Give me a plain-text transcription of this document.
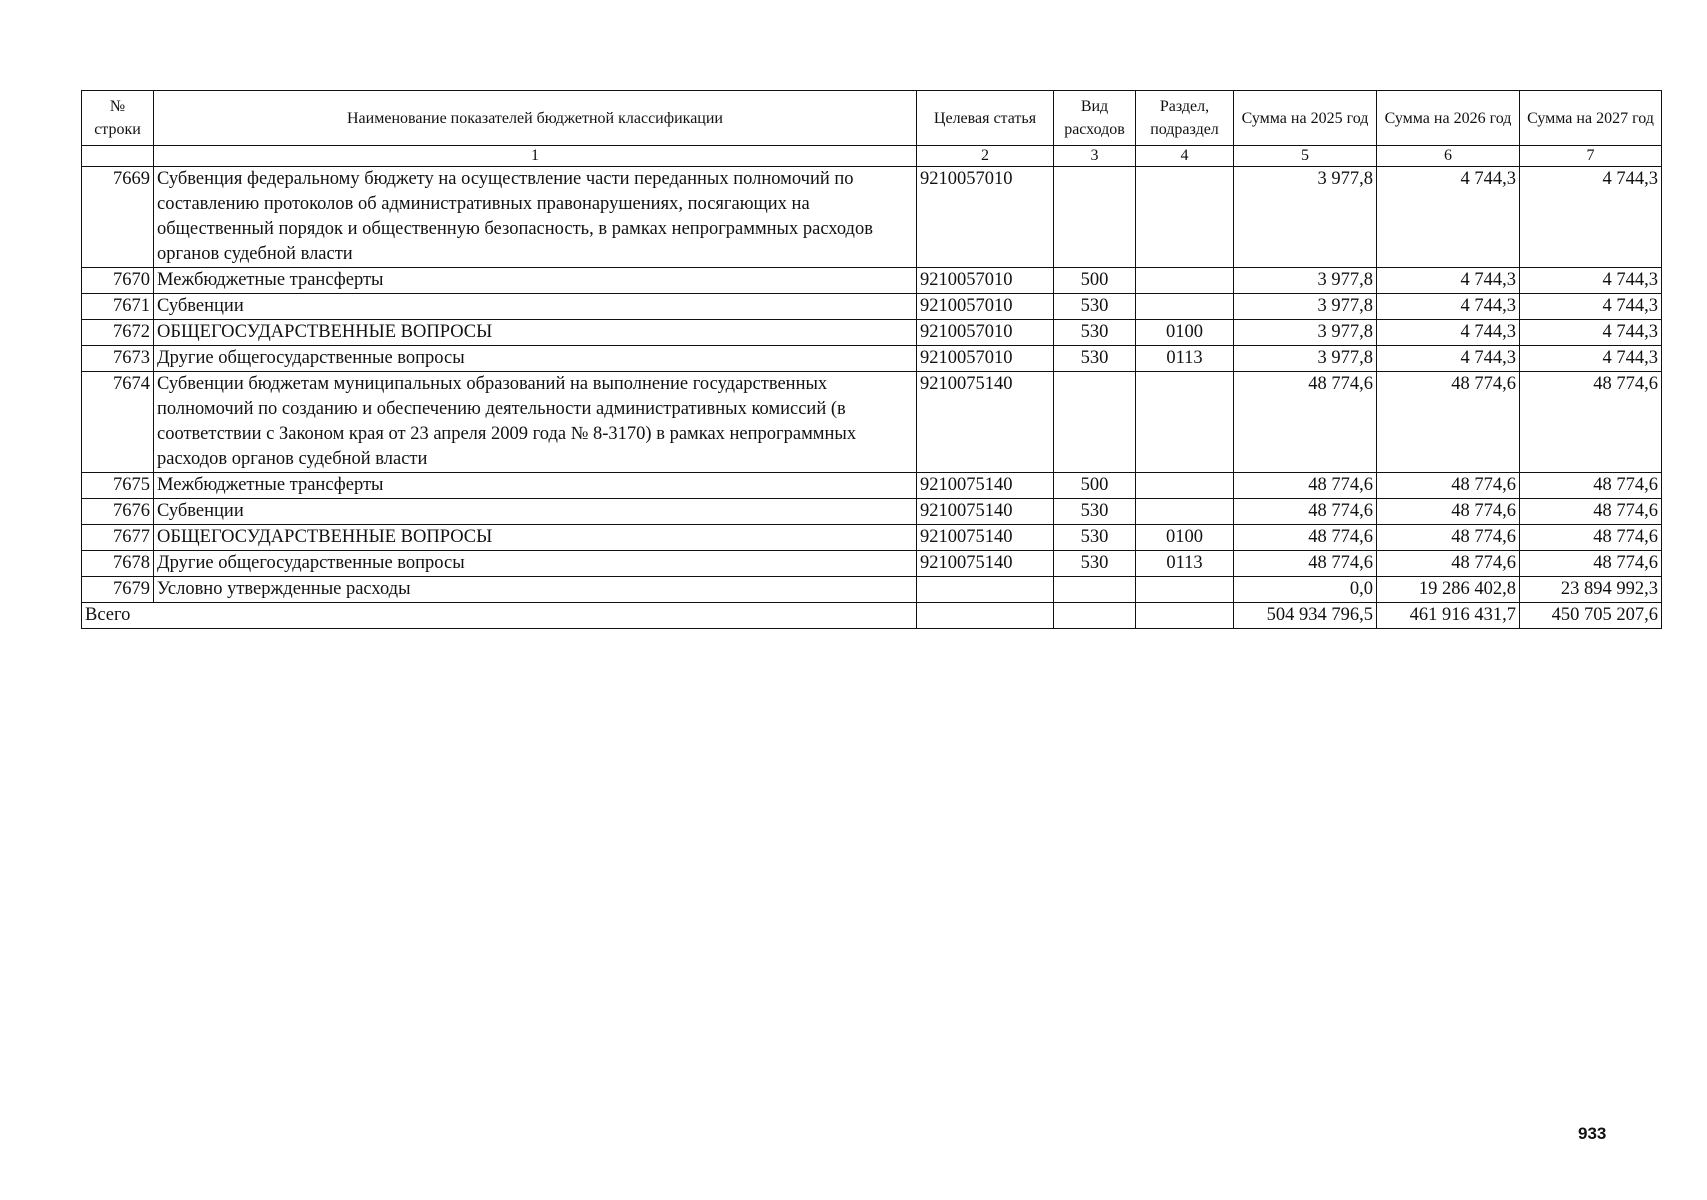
№ строки	Наименование показателей бюджетной классификации	Целевая статья	Вид расходов	Раздел, подраздел	Сумма на 2025 год	Сумма на 2026 год	Сумма на 2027 год
	1	2	3	4	5	6	7
7669	Субвенция федеральному бюджету на осуществление части переданных полномочий по составлению протоколов об административных правонарушениях, посягающих на общественный порядок и общественную безопасность, в рамках непрограммных расходов органов судебной власти	9210057010			3 977,8	4 744,3	4 744,3
7670	Межбюджетные трансферты	9210057010	500		3 977,8	4 744,3	4 744,3
7671	Субвенции	9210057010	530		3 977,8	4 744,3	4 744,3
7672	ОБЩЕГОСУДАРСТВЕННЫЕ ВОПРОСЫ	9210057010	530	0100	3 977,8	4 744,3	4 744,3
7673	Другие общегосударственные вопросы	9210057010	530	0113	3 977,8	4 744,3	4 744,3
7674	Субвенции бюджетам муниципальных образований на выполнение государственных полномочий по созданию и обеспечению деятельности административных комиссий (в соответствии с Законом края от 23 апреля 2009 года № 8-3170) в рамках непрограммных расходов органов судебной власти	9210075140			48 774,6	48 774,6	48 774,6
7675	Межбюджетные трансферты	9210075140	500		48 774,6	48 774,6	48 774,6
7676	Субвенции	9210075140	530		48 774,6	48 774,6	48 774,6
7677	ОБЩЕГОСУДАРСТВЕННЫЕ ВОПРОСЫ	9210075140	530	0100	48 774,6	48 774,6	48 774,6
7678	Другие общегосударственные вопросы	9210075140	530	0113	48 774,6	48 774,6	48 774,6
7679	Условно утвержденные расходы				0,0	19 286 402,8	23 894 992,3
Всего					504 934 796,5	461 916 431,7	450 705 207,6
933
